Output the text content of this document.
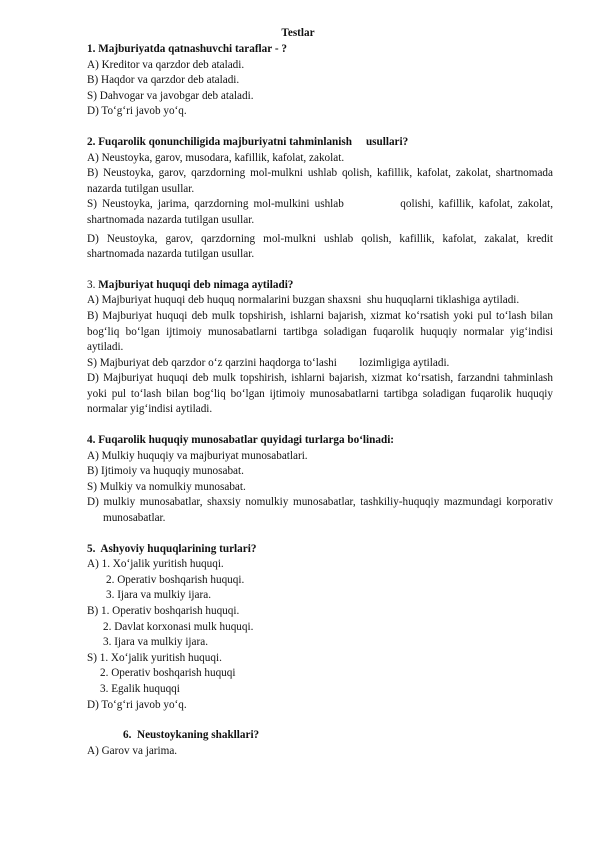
Testlar
1. Majburiyatda qatnashuvchi taraflar - ?
A) Kreditor va qarzdor deb ataladi.
B) Haqdor va qarzdor deb ataladi.
S) Dahvogar va javobgar deb ataladi.
D) To‘g‘ri javob yo‘q.
2. Fuqarolik qonunchiligida majburiyatni tahminlanish     usullari?
A) Neustoyka, garov, musodara, kafillik, kafolat, zakolat.
B) Neustoyka, garov, qarzdorning mol-mulkni ushlab qolish, kafillik, kafolat, zakolat, shartnomada nazarda tutilgan usullar.
S) Neustoyka, jarima, qarzdorning mol-mulkini ushlab           qolishi, kafillik, kafolat, zakolat, shartnomada nazarda tutilgan usullar.
D) Neustoyka, garov, qarzdorning mol-mulkni ushlab qolish, kafillik, kafolat, zakalat, kredit shartnomada nazarda tutilgan usullar.
3. Majburiyat huquqi deb nimaga aytiladi?
A) Majburiyat huquqi deb huquq normalarini buzgan shaxsni  shu huquqlarni tiklashiga aytiladi.
B) Majburiyat huquqi deb mulk topshirish, ishlarni bajarish, xizmat ko‘rsatish yoki pul to‘lash bilan bog‘liq bo‘lgan ijtimoiy munosabatlarni tartibga soladigan fuqarolik huquqiy normalar yig‘indisi aytiladi.
S) Majburiyat deb qarzdor o‘z qarzini haqdorga to‘lashi        lozimligiga aytiladi.
D) Majburiyat huquqi deb mulk topshirish, ishlarni bajarish, xizmat ko‘rsatish, farzandni tahminlash yoki pul to‘lash bilan bog‘liq bo‘lgan ijtimoiy munosabatlarni tartibga soladigan fuqarolik huquqiy normalar yig‘indisi aytiladi.
4. Fuqarolik huquqiy munosabatlar quyidagi turlarga bo‘linadi:
A) Mulkiy huquqiy va majburiyat munosabatlari.
B) Ijtimoiy va huquqiy munosabat.
S) Mulkiy va nomulkiy munosabat.
D) mulkiy munosabatlar, shaxsiy nomulkiy munosabatlar, tashkiliy-huquqiy mazmundagi korporativ munosabatlar.
5.  Ashyoviy huquqlarining turlari?
A) 1. Xo‘jalik yuritish huquqi.
2. Operativ boshqarish huquqi.
3. Ijara va mulkiy ijara.
B) 1. Operativ boshqarish huquqi.
2. Davlat korxonasi mulk huquqi.
3. Ijara va mulkiy ijara.
S) 1. Xo‘jalik yuritish huquqi.
2. Operativ boshqarish huquqi
3. Egalik huquqqi
D) To‘g‘ri javob yo‘q.
6.  Neustoykaning shakllari?
A) Garov va jarima.
